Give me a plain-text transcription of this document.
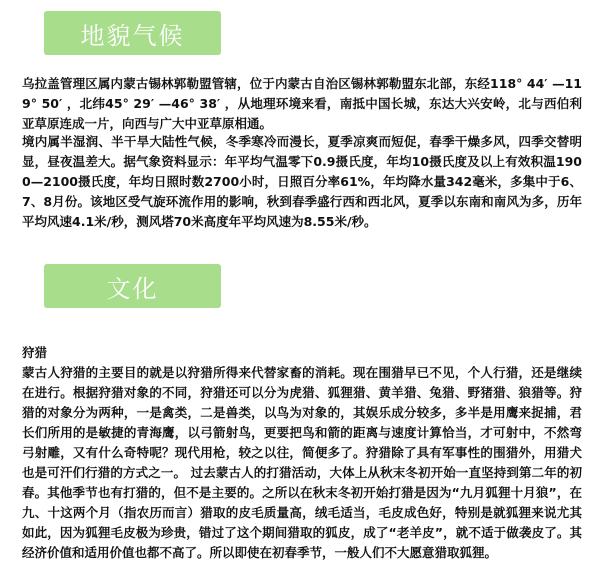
地貌气候

乌拉盖管理区属内蒙古锡林郭勒盟管辖，位于内蒙古自治区锡林郭勒盟东北部，东经118° 44′ —119° 50′ ，北纬45° 29′ —46° 38′ ，从地理环境来看，南抵中国长城，东达大兴安岭，北与西伯利亚草原连成一片，向西与广大中亚草原相通。

境内属半湿润、半干旱大陆性气候，冬季寒冷而漫长，夏季凉爽而短促，春季干燥多风，四季交替明显，昼夜温差大。据气象资料显示：年平均气温零下0.9摄氏度，年均10摄氏度及以上有效积温1900—2100摄氏度，年均日照时数2700小时，日照百分率61%，年均降水量342毫米，多集中于6、7、8月份。该地区受气旋环流作用的影响，秋到春季盛行西和西北风，夏季以东南和南风为多，历年平均风速4.1米/秒，测风塔70米高度年平均风速为8.55米/秒。

文化

狩猎

蒙古人狩猎的主要目的就是以狩猎所得来代替家畜的消耗。现在围猎早已不见，个人行猎，还是继续在进行。根据狩猎对象的不同，狩猎还可以分为虎猎、狐狸猎、黄羊猎、兔猎、野猪猎、狼猎等。狩猎的对象分为两种，一是禽类，二是兽类，以鸟为对象的，其娱乐成分较多，多半是用鹰来捉捕，君长们所用的是敏捷的青海鹰，以弓箭射鸟，更要把鸟和箭的距离与速度计算恰当，才可射中，不然弯弓射雕，又有什么奇特呢？现代用枪，较之以往，简便多了。狩猎除了具有军事性的围猎外，用猎犬也是可汗们行猎的方式之一。 过去蒙古人的打猎活动，大体上从秋末冬初开始一直坚持到第二年的初春。其他季节也有打猎的，但不是主要的。之所以在秋末冬初开始打猎是因为“九月狐狸十月狼”，在九、十这两个月（指农历而言）猎取的皮毛质量高，绒毛适当，毛皮成色好，特别是就狐狸来说尤其如此，因为狐狸毛皮极为珍贵，错过了这个期间猎取的狐皮，成了“老羊皮”，就不适于做袭皮了。其经济价值和适用价值也都不高了。所以即使在初春季节，一般人们不大愿意猎取狐狸。
